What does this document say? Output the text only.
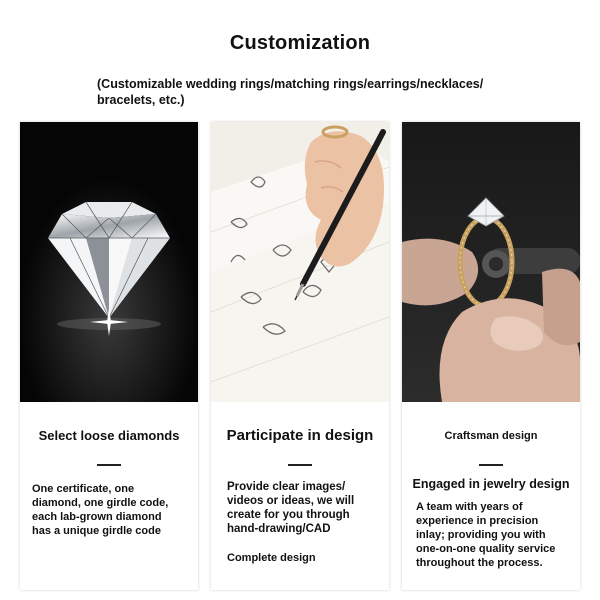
Customization
(Customizable wedding rings/matching rings/earrings/necklaces/
bracelets, etc.)
Select loose diamonds
One certificate, one
diamond, one girdle code,
each lab-grown diamond
has a unique girdle code
Participate in design
Provide clear images/
videos or ideas, we will
create for you through
hand-drawing/CAD
Complete design
Craftsman design
Engaged in jewelry design
A team with years of
experience in precision
inlay; providing you with
one-on-one quality service
throughout the process.
